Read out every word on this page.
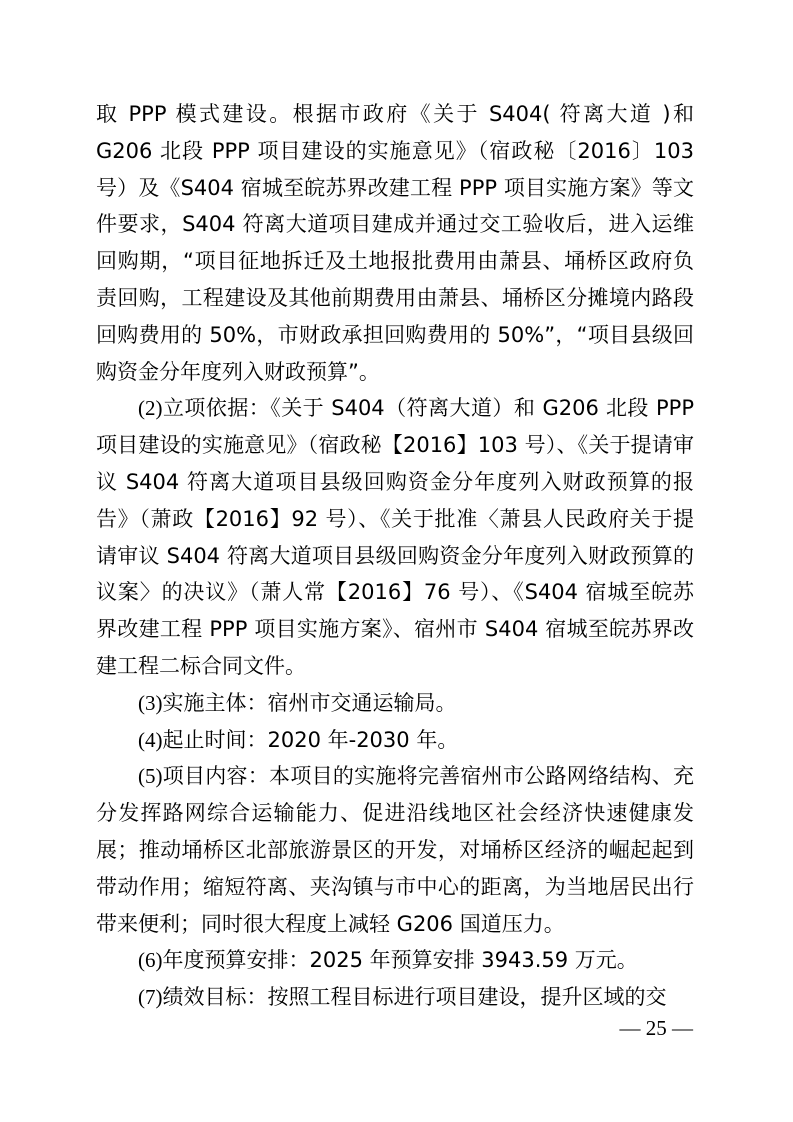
取 PPP 模式建设。根据市政府《关于 S404( 符离大道 )和 G206 北段 PPP 项目建设的实施意见》（宿政秘〔2016〕103 号）及《S404 宿城至皖苏界改建工程 PPP 项目实施方案》等文件要求，S404 符离大道项目建成并通过交工验收后，进入运维回购期，“项目征地拆迁及土地报批费用由萧县、埇桥区政府负责回购，工程建设及其他前期费用由萧县、埇桥区分摊境内路段回购费用的 50%，市财政承担回购费用的 50%”，“项目县级回购资金分年度列入财政预算”。

(2)立项依据：《关于 S404（符离大道）和 G206 北段 PPP 项目建设的实施意见》（宿政秘【2016】103 号）、《关于提请审议 S404 符离大道项目县级回购资金分年度列入财政预算的报告》（萧政【2016】92 号）、《关于批准〈萧县人民政府关于提请审议 S404 符离大道项目县级回购资金分年度列入财政预算的议案〉的决议》（萧人常【2016】76 号）、《S404 宿城至皖苏界改建工程 PPP 项目实施方案》、宿州市 S404 宿城至皖苏界改建工程二标合同文件。

(3)实施主体：宿州市交通运输局。

(4)起止时间：2020 年-2030 年。

(5)项目内容：本项目的实施将完善宿州市公路网络结构、充分发挥路网综合运输能力、促进沿线地区社会经济快速健康发展；推动埇桥区北部旅游景区的开发，对埇桥区经济的崛起起到带动作用；缩短符离、夹沟镇与市中心的距离，为当地居民出行带来便利；同时很大程度上减轻 G206 国道压力。

(6)年度预算安排：2025 年预算安排 3943.59 万元。

(7)绩效目标：按照工程目标进行项目建设，提升区域的交

— 25 —
